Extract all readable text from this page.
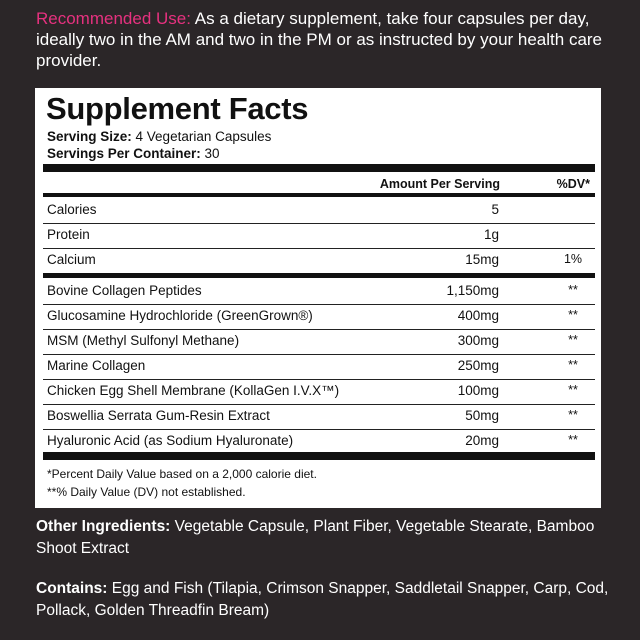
Recommended Use: As a dietary supplement, take four capsules per day, ideally two in the AM and two in the PM or as instructed by your health care provider.
Supplement Facts
Serving Size: 4 Vegetarian Capsules
Servings Per Container: 30
Amount Per Serving	%DV*
*Percent Daily Value based on a 2,000 calorie diet.
**% Daily Value (DV) not established.
Calories	5
Protein	1g
Calcium	15mg	1%
Bovine Collagen Peptides	1,150mg	**
Glucosamine Hydrochloride (GreenGrown®)	400mg	**
MSM (Methyl Sulfonyl Methane)	300mg	**
Marine Collagen	250mg	**
Chicken Egg Shell Membrane (KollaGen I.V.X™)	100mg	**
Boswellia Serrata Gum-Resin Extract	50mg	**
Hyaluronic Acid (as Sodium Hyaluronate)	20mg	**
Other Ingredients: Vegetable Capsule, Plant Fiber, Vegetable Stearate, Bamboo Shoot Extract
Contains: Egg and Fish (Tilapia, Crimson Snapper, Saddletail Snapper, Carp, Cod, Pollack, Golden Threadfin Bream)
